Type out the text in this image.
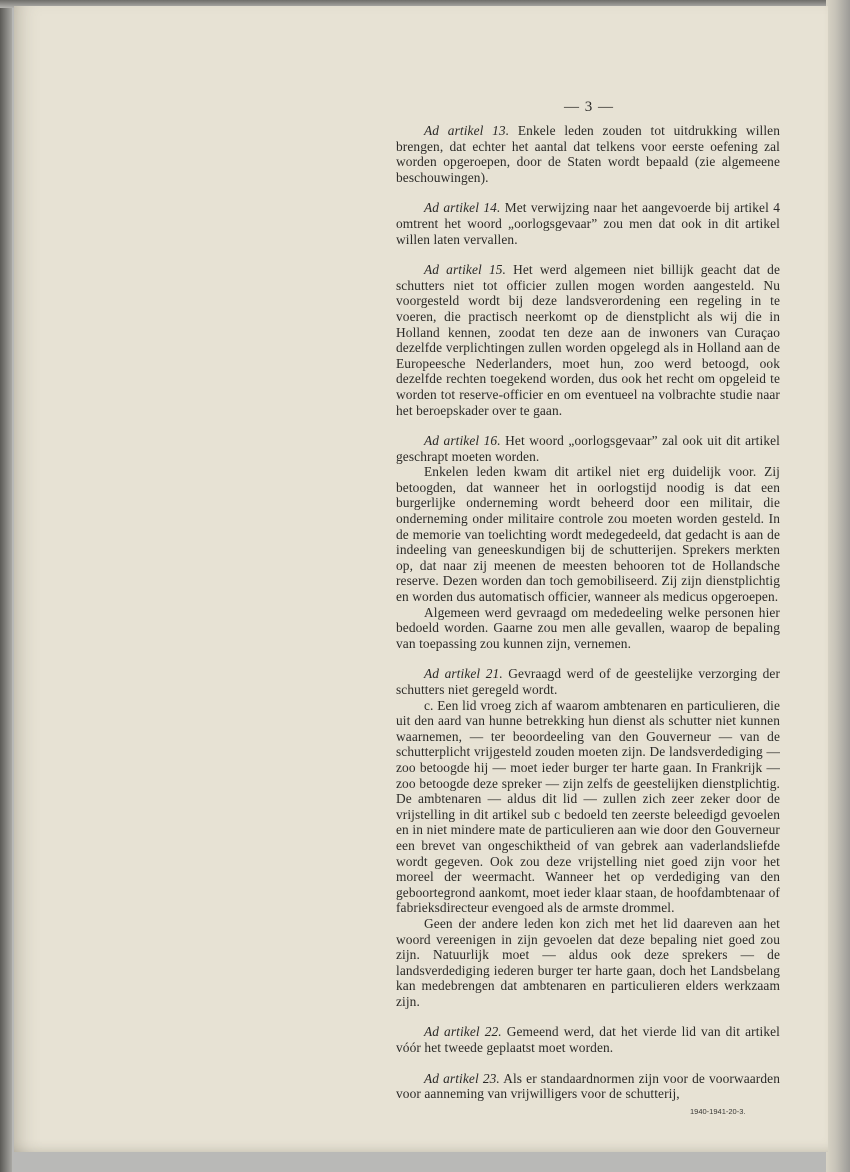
— 3 —

Ad artikel 13. Enkele leden zouden tot uitdrukking willen brengen, dat echter het aantal dat telkens voor eerste oefening zal worden opgeroepen, door de Staten wordt bepaald (zie algemeene beschouwingen).

Ad artikel 14. Met verwijzing naar het aangevoerde bij artikel 4 omtrent het woord „oorlogsgevaar” zou men dat ook in dit artikel willen laten vervallen.

Ad artikel 15. Het werd algemeen niet billijk geacht dat de schutters niet tot officier zullen mogen worden aangesteld. Nu voorgesteld wordt bij deze landsverordening een regeling in te voeren, die practisch neerkomt op de dienstplicht als wij die in Holland kennen, zoodat ten deze aan de inwoners van Curaçao dezelfde verplichtingen zullen worden opgelegd als in Holland aan de Europeesche Nederlanders, moet hun, zoo werd betoogd, ook dezelfde rechten toegekend worden, dus ook het recht om opgeleid te worden tot reserve-officier en om eventueel na volbrachte studie naar het beroepskader over te gaan.

Ad artikel 16. Het woord „oorlogsgevaar” zal ook uit dit artikel geschrapt moeten worden.

Enkelen leden kwam dit artikel niet erg duidelijk voor. Zij betoogden, dat wanneer het in oorlogstijd noodig is dat een burgerlijke onderneming wordt beheerd door een militair, die onderneming onder militaire controle zou moeten worden gesteld. In de memorie van toelichting wordt medegedeeld, dat gedacht is aan de indeeling van geneeskundigen bij de schutterijen. Sprekers merkten op, dat naar zij meenen de meesten behooren tot de Hollandsche reserve. Dezen worden dan toch gemobiliseerd. Zij zijn dienstplichtig en worden dus automatisch officier, wanneer als medicus opgeroepen.

Algemeen werd gevraagd om mededeeling welke personen hier bedoeld worden. Gaarne zou men alle gevallen, waarop de bepaling van toepassing zou kunnen zijn, vernemen.

Ad artikel 21. Gevraagd werd of de geestelijke verzorging der schutters niet geregeld wordt.

c. Een lid vroeg zich af waarom ambtenaren en particulieren, die uit den aard van hunne betrekking hun dienst als schutter niet kunnen waarnemen, — ter beoordeeling van den Gouverneur — van de schutterplicht vrijgesteld zouden moeten zijn. De landsverdediging — zoo betoogde hij — moet ieder burger ter harte gaan. In Frankrijk — zoo betoogde deze spreker — zijn zelfs de geestelijken dienstplichtig. De ambtenaren — aldus dit lid — zullen zich zeer zeker door de vrijstelling in dit artikel sub c bedoeld ten zeerste beleedigd gevoelen en in niet mindere mate de particulieren aan wie door den Gouverneur een brevet van ongeschiktheid of van gebrek aan vaderlandsliefde wordt gegeven. Ook zou deze vrijstelling niet goed zijn voor het moreel der weermacht. Wanneer het op verdediging van den geboortegrond aankomt, moet ieder klaar staan, de hoofdambtenaar of fabrieksdirecteur evengoed als de armste drommel.

Geen der andere leden kon zich met het lid daareven aan het woord vereenigen in zijn gevoelen dat deze bepaling niet goed zou zijn. Natuurlijk moet — aldus ook deze sprekers — de landsverdediging iederen burger ter harte gaan, doch het Landsbelang kan medebrengen dat ambtenaren en particulieren elders werkzaam zijn.

Ad artikel 22. Gemeend werd, dat het vierde lid van dit artikel vóór het tweede geplaatst moet worden.

Ad artikel 23. Als er standaardnormen zijn voor de voorwaarden voor aanneming van vrijwilligers voor de schutterij,

1940-1941-20-3.
